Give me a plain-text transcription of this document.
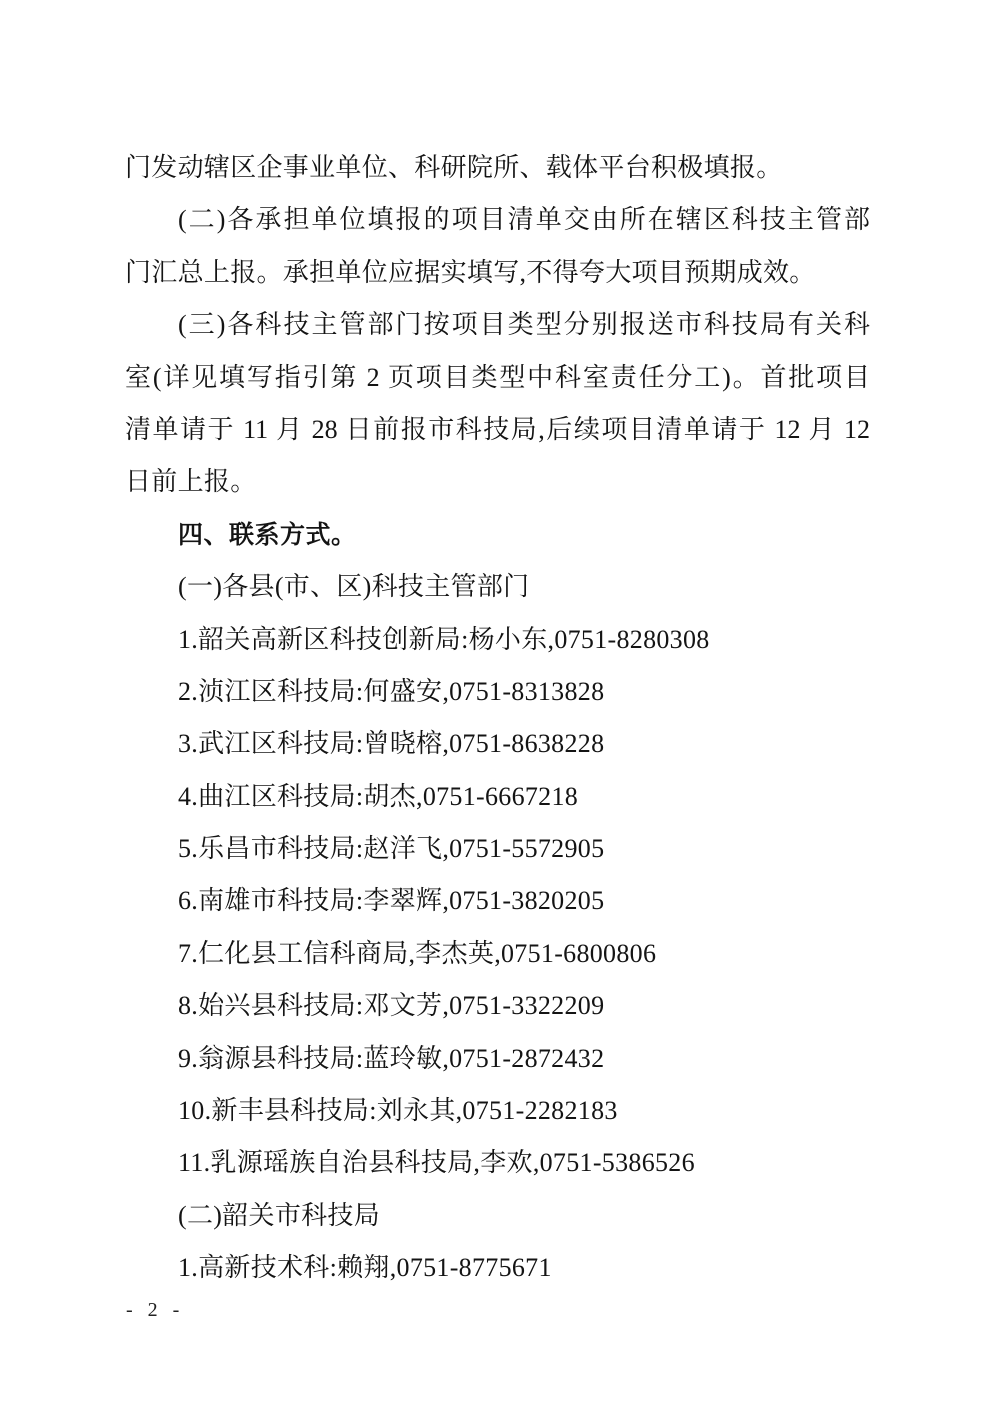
门发动辖区企事业单位、科研院所、载体平台积极填报。
(二)各承担单位填报的项目清单交由所在辖区科技主管部
门汇总上报。承担单位应据实填写,不得夸大项目预期成效。
(三)各科技主管部门按项目类型分别报送市科技局有关科
室(详见填写指引第 2 页项目类型中科室责任分工)。首批项目
清单请于 11 月 28 日前报市科技局,后续项目清单请于 12 月 12
日前上报。
四、联系方式。
(一)各县(市、区)科技主管部门
1.韶关高新区科技创新局:杨小东,0751-8280308
2.浈江区科技局:何盛安,0751-8313828
3.武江区科技局:曾晓榕,0751-8638228
4.曲江区科技局:胡杰,0751-6667218
5.乐昌市科技局:赵洋飞,0751-5572905
6.南雄市科技局:李翠辉,0751-3820205
7.仁化县工信科商局,李杰英,0751-6800806
8.始兴县科技局:邓文芳,0751-3322209
9.翁源县科技局:蓝玲敏,0751-2872432
10.新丰县科技局:刘永其,0751-2282183
11.乳源瑶族自治县科技局,李欢,0751-5386526
(二)韶关市科技局
1.高新技术科:赖翔,0751-8775671
- 2 -
